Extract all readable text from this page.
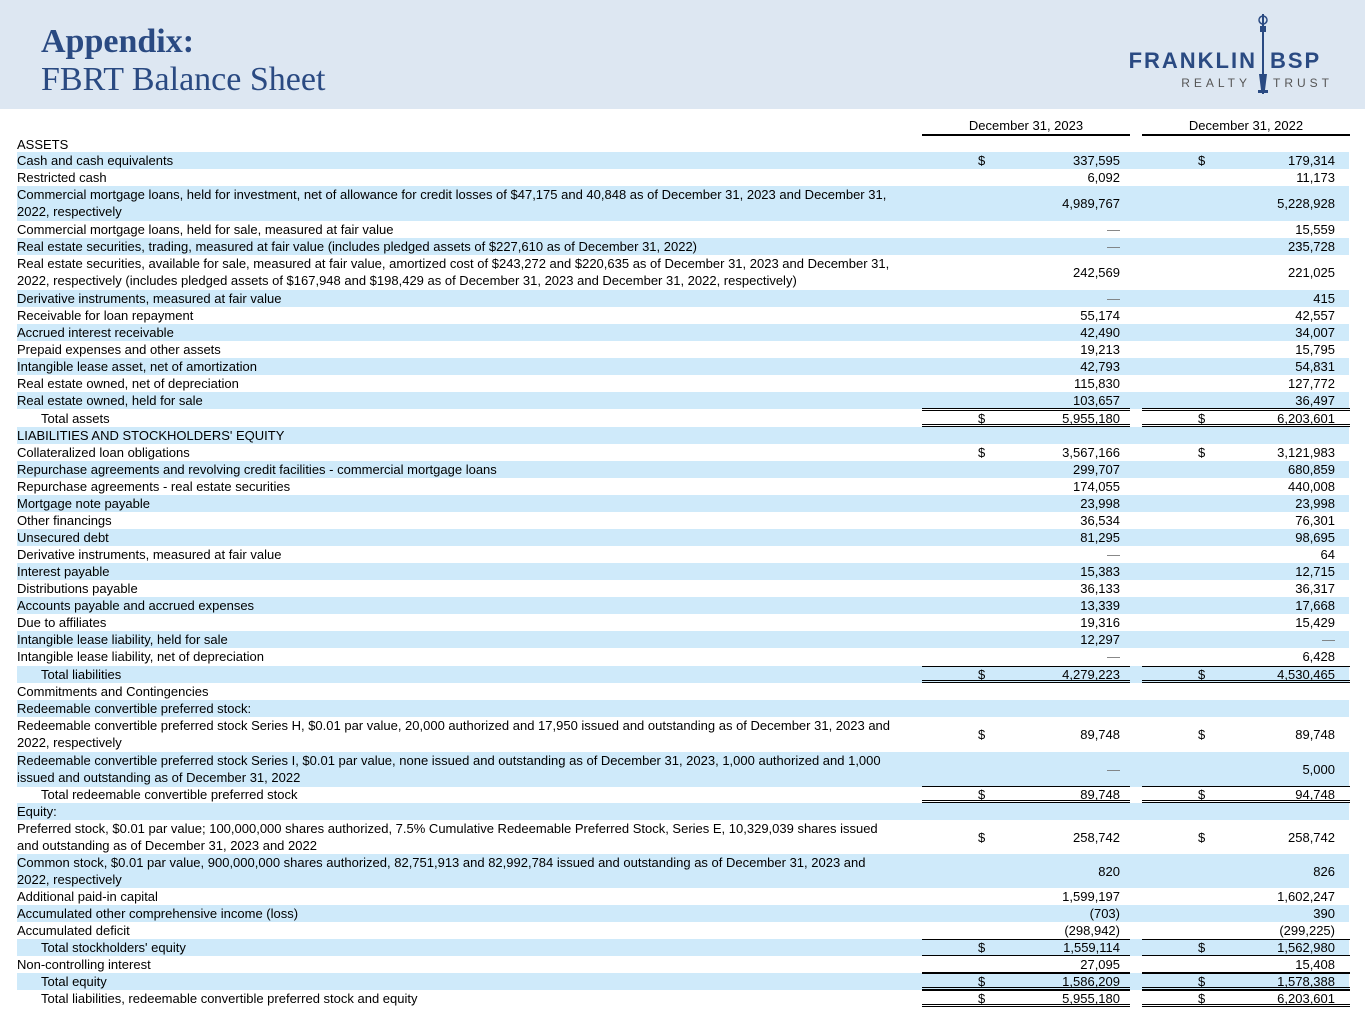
Appendix:
FBRT Balance Sheet
FRANKLIN BSP
REALTY TRUST
December 31, 2023	December 31, 2022
ASSETS
Cash and cash equivalents	$	337,595	$	179,314
Restricted cash	6,092	11,173
Commercial mortgage loans, held for investment, net of allowance for credit losses of $47,175 and 40,848 as of December 31, 2023 and December 31, 2022, respectively
4,989,767	5,228,928
Commercial mortgage loans, held for sale, measured at fair value	—	15,559
Real estate securities, trading, measured at fair value (includes pledged assets of $227,610 as of December 31, 2022)	—	235,728
Real estate securities, available for sale, measured at fair value, amortized cost of $243,272 and $220,635 as of December 31, 2023 and December 31, 2022, respectively (includes pledged assets of $167,948 and $198,429 as of December 31, 2023 and December 31, 2022, respectively)
242,569	221,025
Derivative instruments, measured at fair value	—	415
Receivable for loan repayment	55,174	42,557
Accrued interest receivable	42,490	34,007
Prepaid expenses and other assets	19,213	15,795
Intangible lease asset, net of amortization	42,793	54,831
Real estate owned, net of depreciation	115,830	127,772
Real estate owned, held for sale	103,657	36,497
Total assets	$	5,955,180	$	6,203,601
LIABILITIES AND STOCKHOLDERS' EQUITY
Collateralized loan obligations	$	3,567,166	$	3,121,983
Repurchase agreements and revolving credit facilities - commercial mortgage loans	299,707	680,859
Repurchase agreements - real estate securities	174,055	440,008
Mortgage note payable	23,998	23,998
Other financings	36,534	76,301
Unsecured debt	81,295	98,695
Derivative instruments, measured at fair value	—	64
Interest payable	15,383	12,715
Distributions payable	36,133	36,317
Accounts payable and accrued expenses	13,339	17,668
Due to affiliates	19,316	15,429
Intangible lease liability, held for sale	12,297	—
Intangible lease liability, net of depreciation	—	6,428
Total liabilities	$	4,279,223	$	4,530,465
Commitments and Contingencies
Redeemable convertible preferred stock:
Redeemable convertible preferred stock Series H, $0.01 par value, 20,000 authorized and 17,950 issued and outstanding as of December 31, 2023 and 2022, respectively
$	89,748	$	89,748
Redeemable convertible preferred stock Series I, $0.01 par value, none issued and outstanding as of December 31, 2023, 1,000 authorized and 1,000 issued and outstanding as of December 31, 2022
—	5,000
Total redeemable convertible preferred stock	$	89,748	$	94,748
Equity:
Preferred stock, $0.01 par value; 100,000,000 shares authorized, 7.5% Cumulative Redeemable Preferred Stock, Series E, 10,329,039 shares issued and outstanding as of December 31, 2023 and 2022
$	258,742	$	258,742
Common stock, $0.01 par value, 900,000,000 shares authorized, 82,751,913 and 82,992,784 issued and outstanding as of December 31, 2023 and 2022, respectively
820	826
Additional paid-in capital	1,599,197	1,602,247
Accumulated other comprehensive income (loss)	(703)	390
Accumulated deficit	(298,942)	(299,225)
Total stockholders' equity	$	1,559,114	$	1,562,980
Non-controlling interest	27,095	15,408
Total equity	$	1,586,209	$	1,578,388
Total liabilities, redeemable convertible preferred stock and equity	$	5,955,180	$	6,203,601
